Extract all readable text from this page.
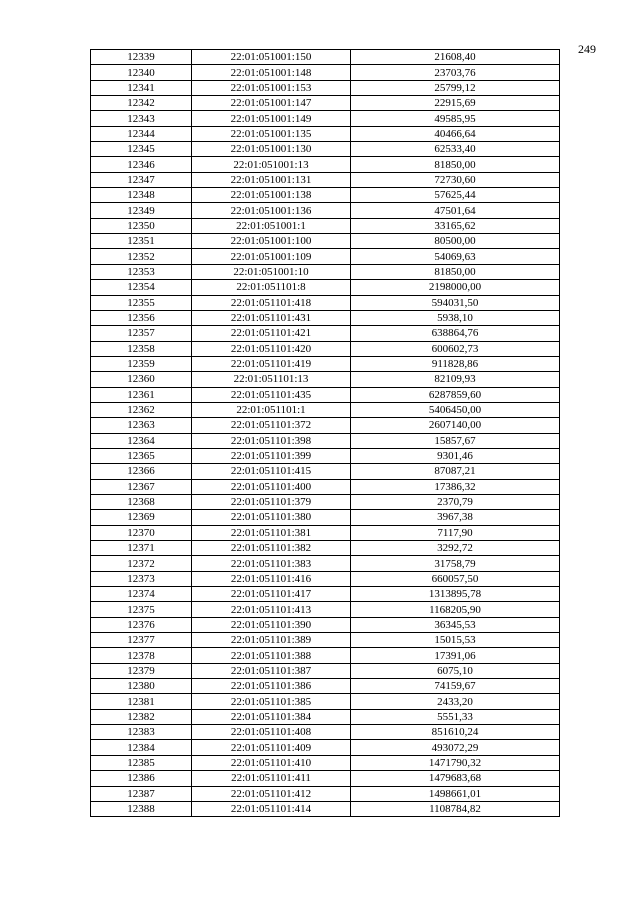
249
12339	22:01:051001:150	21608,40
12340	22:01:051001:148	23703,76
12341	22:01:051001:153	25799,12
12342	22:01:051001:147	22915,69
12343	22:01:051001:149	49585,95
12344	22:01:051001:135	40466,64
12345	22:01:051001:130	62533,40
12346	22:01:051001:13	81850,00
12347	22:01:051001:131	72730,60
12348	22:01:051001:138	57625,44
12349	22:01:051001:136	47501,64
12350	22:01:051001:1	33165,62
12351	22:01:051001:100	80500,00
12352	22:01:051001:109	54069,63
12353	22:01:051001:10	81850,00
12354	22:01:051101:8	2198000,00
12355	22:01:051101:418	594031,50
12356	22:01:051101:431	5938,10
12357	22:01:051101:421	638864,76
12358	22:01:051101:420	600602,73
12359	22:01:051101:419	911828,86
12360	22:01:051101:13	82109,93
12361	22:01:051101:435	6287859,60
12362	22:01:051101:1	5406450,00
12363	22:01:051101:372	2607140,00
12364	22:01:051101:398	15857,67
12365	22:01:051101:399	9301,46
12366	22:01:051101:415	87087,21
12367	22:01:051101:400	17386,32
12368	22:01:051101:379	2370,79
12369	22:01:051101:380	3967,38
12370	22:01:051101:381	7117,90
12371	22:01:051101:382	3292,72
12372	22:01:051101:383	31758,79
12373	22:01:051101:416	660057,50
12374	22:01:051101:417	1313895,78
12375	22:01:051101:413	1168205,90
12376	22:01:051101:390	36345,53
12377	22:01:051101:389	15015,53
12378	22:01:051101:388	17391,06
12379	22:01:051101:387	6075,10
12380	22:01:051101:386	74159,67
12381	22:01:051101:385	2433,20
12382	22:01:051101:384	5551,33
12383	22:01:051101:408	851610,24
12384	22:01:051101:409	493072,29
12385	22:01:051101:410	1471790,32
12386	22:01:051101:411	1479683,68
12387	22:01:051101:412	1498661,01
12388	22:01:051101:414	1108784,82
